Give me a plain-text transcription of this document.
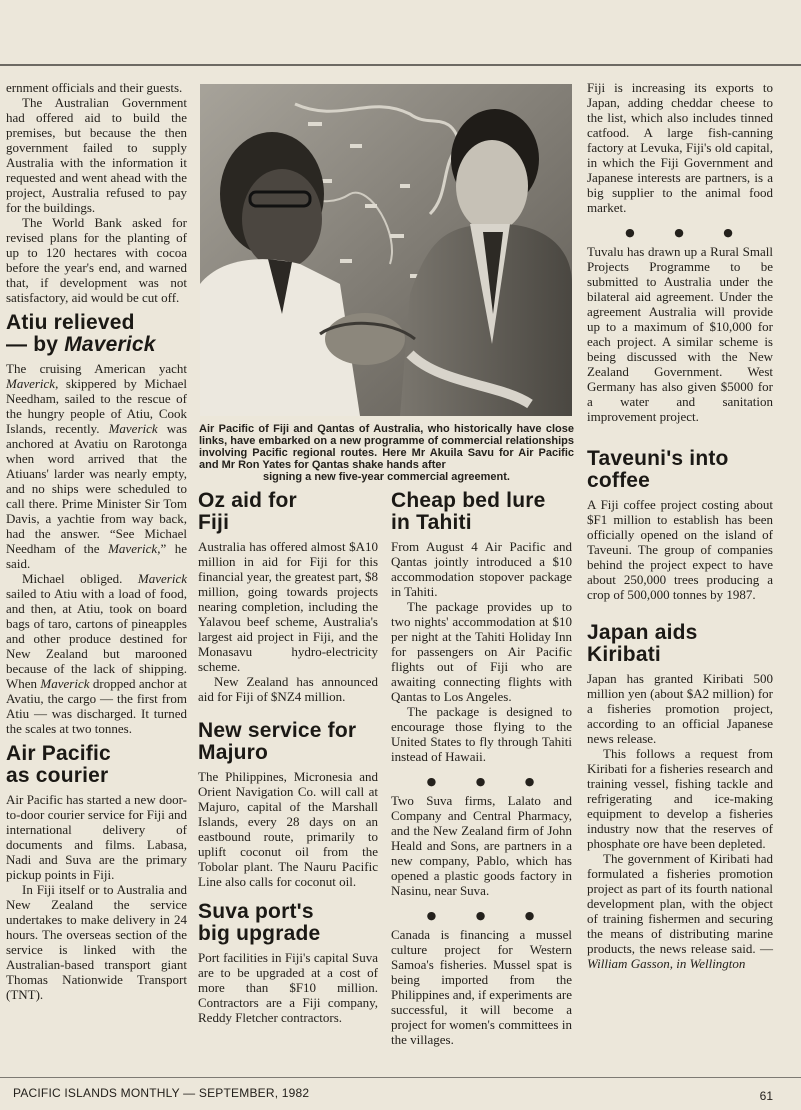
ernment officials and their guests.

The Australian Government had offered aid to build the premises, but because the then government failed to supply Australia with the information it requested and went ahead with the project, Australia refused to pay for the buildings.

The World Bank asked for revised plans for the planting of up to 120 hectares with cocoa before the year's end, and warned that, if development was not satisfactory, aid would be cut off.

Atiu relieved
— by Maverick

The cruising American yacht Maverick, skippered by Michael Needham, sailed to the rescue of the hungry people of Atiu, Cook Islands, recently. Maverick was anchored at Avatiu on Rarotonga when word arrived that the Atiuans' larder was nearly empty, and no ships were scheduled to call there. Prime Minister Sir Tom Davis, a yachtie from way back, had the answer. “See Michael Needham of the Maverick,” he said.

Michael obliged. Maverick sailed to Atiu with a load of food, and then, at Atiu, took on board bags of taro, cartons of pineapples and other produce destined for New Zealand but marooned because of the lack of shipping. When Maverick dropped anchor at Avatiu, the cargo — the first from Atiu — was discharged. It turned the scales at two tonnes.

Air Pacific
as courier

Air Pacific has started a new door-to-door courier service for Fiji and international delivery of documents and films. Labasa, Nadi and Suva are the primary pickup points in Fiji.

In Fiji itself or to Australia and New Zealand the service undertakes to make delivery in 24 hours. The overseas section of the service is linked with the Australian-based transport giant Thomas Nationwide Transport (TNT).

Air Pacific of Fiji and Qantas of Australia, who historically have close links, have embarked on a new programme of commercial relationships involving Pacific regional routes. Here Mr Akuila Savu for Air Pacific and Mr Ron Yates for Qantas shake hands after
signing a new five-year commercial agreement.
Oz aid for
Fiji

Australia has offered almost $A10 million in aid for Fiji for this financial year, the greatest part, $8 million, going towards projects nearing completion, including the Yalavou beef scheme, Australia's largest aid project in Fiji, and the Monasavu hydro-electricity scheme.

New Zealand has announced aid for Fiji of $NZ4 million.

New service for
Majuro

The Philippines, Micronesia and Orient Navigation Co. will call at Majuro, capital of the Marshall Islands, every 28 days on an eastbound route, primarily to uplift coconut oil from the Tobolar plant. The Nauru Pacific Line also calls for coconut oil.

Suva port's
big upgrade

Port facilities in Fiji's capital Suva are to be upgraded at a cost of more than $F10 million. Contractors are a Fiji company, Reddy Fletcher contractors.

Cheap bed lure
in Tahiti

From August 4 Air Pacific and Qantas jointly introduced a $10 accommodation stopover package in Tahiti.

The package provides up to two nights' accommodation at $10 per night at the Tahiti Holiday Inn for passengers on Air Pacific flights out of Fiji who are awaiting connecting flights with Qantas to Los Angeles.

The package is designed to encourage those flying to the United States to fly through Tahiti instead of Hawaii.

● ● ●

Two Suva firms, Lalato and Company and Central Pharmacy, and the New Zealand firm of John Heald and Sons, are partners in a new company, Pablo, which has opened a plastic goods factory in Nasinu, near Suva.

● ● ●

Canada is financing a mussel culture project for Western Samoa's fisheries. Mussel spat is being imported from the Philippines and, if experiments are successful, it will become a project for women's committees in the villages.

Fiji is increasing its exports to Japan, adding cheddar cheese to the list, which also includes tinned catfood. A large fish-canning factory at Levuka, Fiji's old capital, in which the Fiji Government and Japanese interests are partners, is a big supplier to the animal food market.

● ● ●

Tuvalu has drawn up a Rural Small Projects Programme to be submitted to Australia under the bilateral aid agreement. Under the agreement Australia will provide up to a maximum of $10,000 for each project. A similar scheme is being discussed with the New Zealand Government. West Germany has also given $5000 for a water and sanitation improvement project.

Taveuni's into
coffee

A Fiji coffee project costing about $F1 million to establish has been officially opened on the island of Taveuni. The group of companies behind the project expect to have about 250,000 trees producing a crop of 500,000 tonnes by 1987.

Japan aids
Kiribati

Japan has granted Kiribati 500 million yen (about $A2 million) for a fisheries promotion project, according to an official Japanese news release.

This follows a request from Kiribati for a fisheries research and training vessel, fishing tackle and refrigerating and ice-making equipment to develop a fisheries industry now that the reserves of phosphate ore have been depleted.

The government of Kiribati had formulated a fisheries promotion project as part of its fourth national development plan, with the object of training fishermen and securing the means of distributing marine products, the news release said. — William Gasson, in Wellington

PACIFIC ISLANDS MONTHLY — SEPTEMBER, 1982	61
